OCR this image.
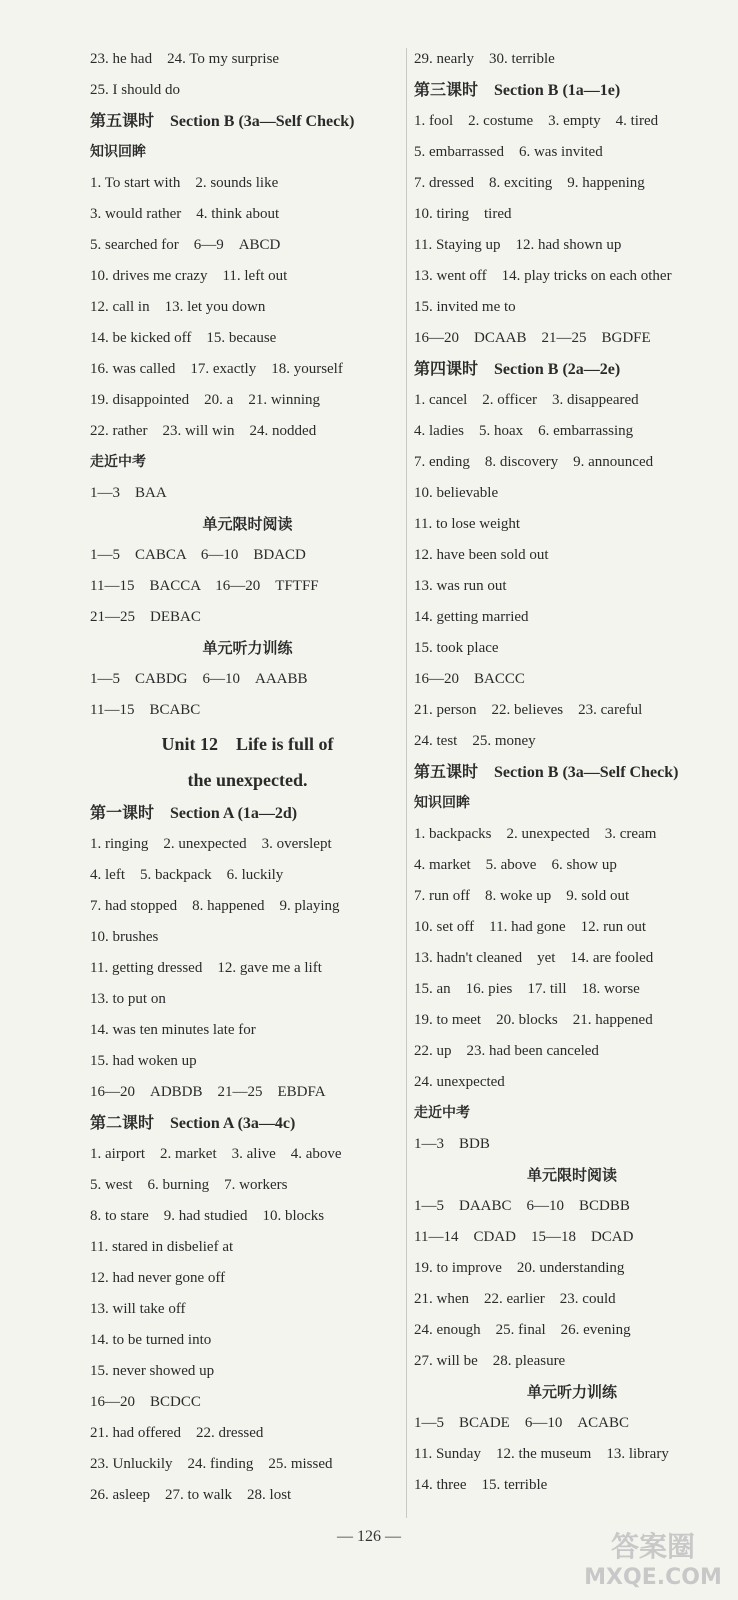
23. he had　24. To my surprise
25. I should do
第五课时　Section B (3a—Self Check)
知识回眸
1. To start with　2. sounds like
3. would rather　4. think about
5. searched for　6—9　ABCD
10. drives me crazy　11. left out
12. call in　13. let you down
14. be kicked off　15. because
16. was called　17. exactly　18. yourself
19. disappointed　20. a　21. winning
22. rather　23. will win　24. nodded
走近中考
1—3　BAA
单元限时阅读
1—5　CABCA　6—10　BDACD
11—15　BACCA　16—20　TFTFF
21—25　DEBAC
单元听力训练
1—5　CABDG　6—10　AAABB
11—15　BCABC
Unit 12　Life is full of
the unexpected.
第一课时　Section A (1a—2d)
1. ringing　2. unexpected　3. overslept
4. left　5. backpack　6. luckily
7. had stopped　8. happened　9. playing
10. brushes
11. getting dressed　12. gave me a lift
13. to put on
14. was ten minutes late for
15. had woken up
16—20　ADBDB　21—25　EBDFA
第二课时　Section A (3a—4c)
1. airport　2. market　3. alive　4. above
5. west　6. burning　7. workers
8. to stare　9. had studied　10. blocks
11. stared in disbelief at
12. had never gone off
13. will take off
14. to be turned into
15. never showed up
16—20　BCDCC
21. had offered　22. dressed
23. Unluckily　24. finding　25. missed
26. asleep　27. to walk　28. lost
29. nearly　30. terrible
第三课时　Section B (1a—1e)
1. fool　2. costume　3. empty　4. tired
5. embarrassed　6. was invited
7. dressed　8. exciting　9. happening
10. tiring　tired
11. Staying up　12. had shown up
13. went off　14. play tricks on each other
15. invited me to
16—20　DCAAB　21—25　BGDFE
第四课时　Section B (2a—2e)
1. cancel　2. officer　3. disappeared
4. ladies　5. hoax　6. embarrassing
7. ending　8. discovery　9. announced
10. believable
11. to lose weight
12. have been sold out
13. was run out
14. getting married
15. took place
16—20　BACCC
21. person　22. believes　23. careful
24. test　25. money
第五课时　Section B (3a—Self Check)
知识回眸
1. backpacks　2. unexpected　3. cream
4. market　5. above　6. show up
7. run off　8. woke up　9. sold out
10. set off　11. had gone　12. run out
13. hadn't cleaned　yet　14. are fooled
15. an　16. pies　17. till　18. worse
19. to meet　20. blocks　21. happened
22. up　23. had been canceled
24. unexpected
走近中考
1—3　BDB
单元限时阅读
1—5　DAABC　6—10　BCDBB
11—14　CDAD　15—18　DCAD
19. to improve　20. understanding
21. when　22. earlier　23. could
24. enough　25. final　26. evening
27. will be　28. pleasure
单元听力训练
1—5　BCADE　6—10　ACABC
11. Sunday　12. the museum　13. library
14. three　15. terrible
— 126 —	答案圈
MXQE.COM
